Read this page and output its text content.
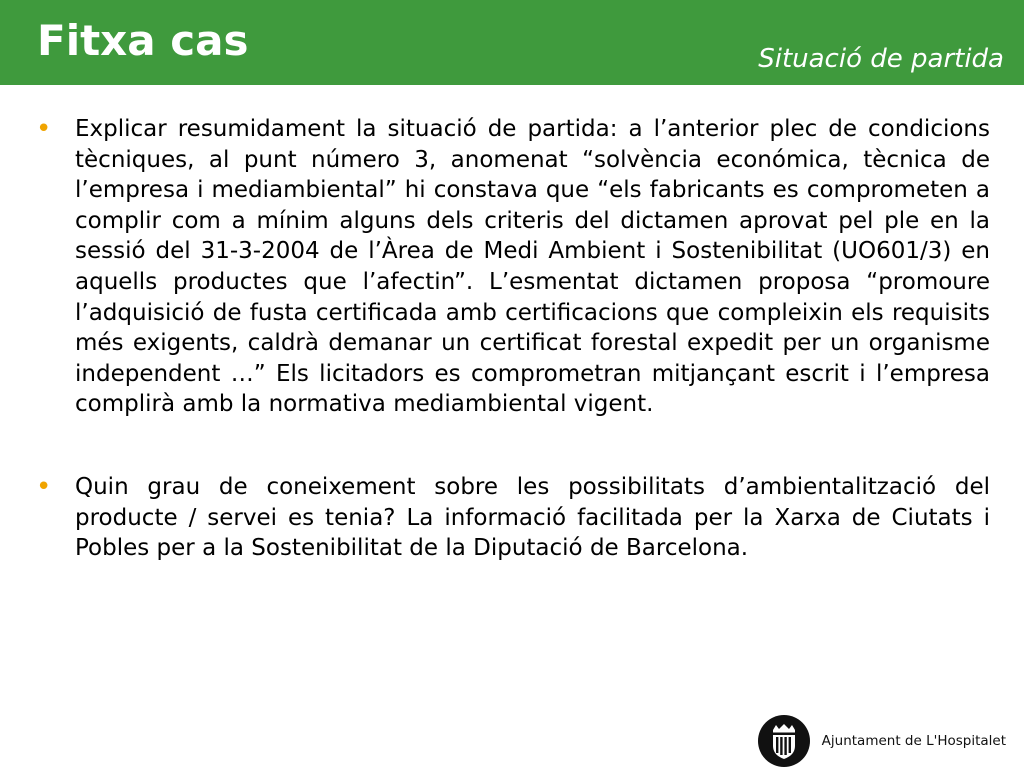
Fitxa cas	Situació de partida
• Explicar resumidament la situació de partida: a l’anterior plec de condicions tècniques, al punt número 3, anomenat “solvència económica, tècnica de l’empresa i mediambiental” hi constava que “els fabricants es comprometen a complir com a mínim alguns dels criteris del dictamen aprovat pel ple en la sessió del 31-3-2004 de l’Àrea de Medi Ambient i Sostenibilitat (UO601/3) en aquells productes que l’afectin”. L’esmentat dictamen proposa “promoure l’adquisició de fusta certificada amb certificacions que compleixin els requisits més exigents, caldrà demanar un certificat forestal expedit per un organisme independent …” Els licitadors es comprometran mitjançant escrit i l’empresa complirà amb la normativa mediambiental vigent.
• Quin grau de coneixement sobre les possibilitats d’ambientalització del producte / servei es tenia? La informació facilitada per la Xarxa de Ciutats i Pobles per a la Sostenibilitat de la Diputació de Barcelona.
Ajuntament de L'Hospitalet
